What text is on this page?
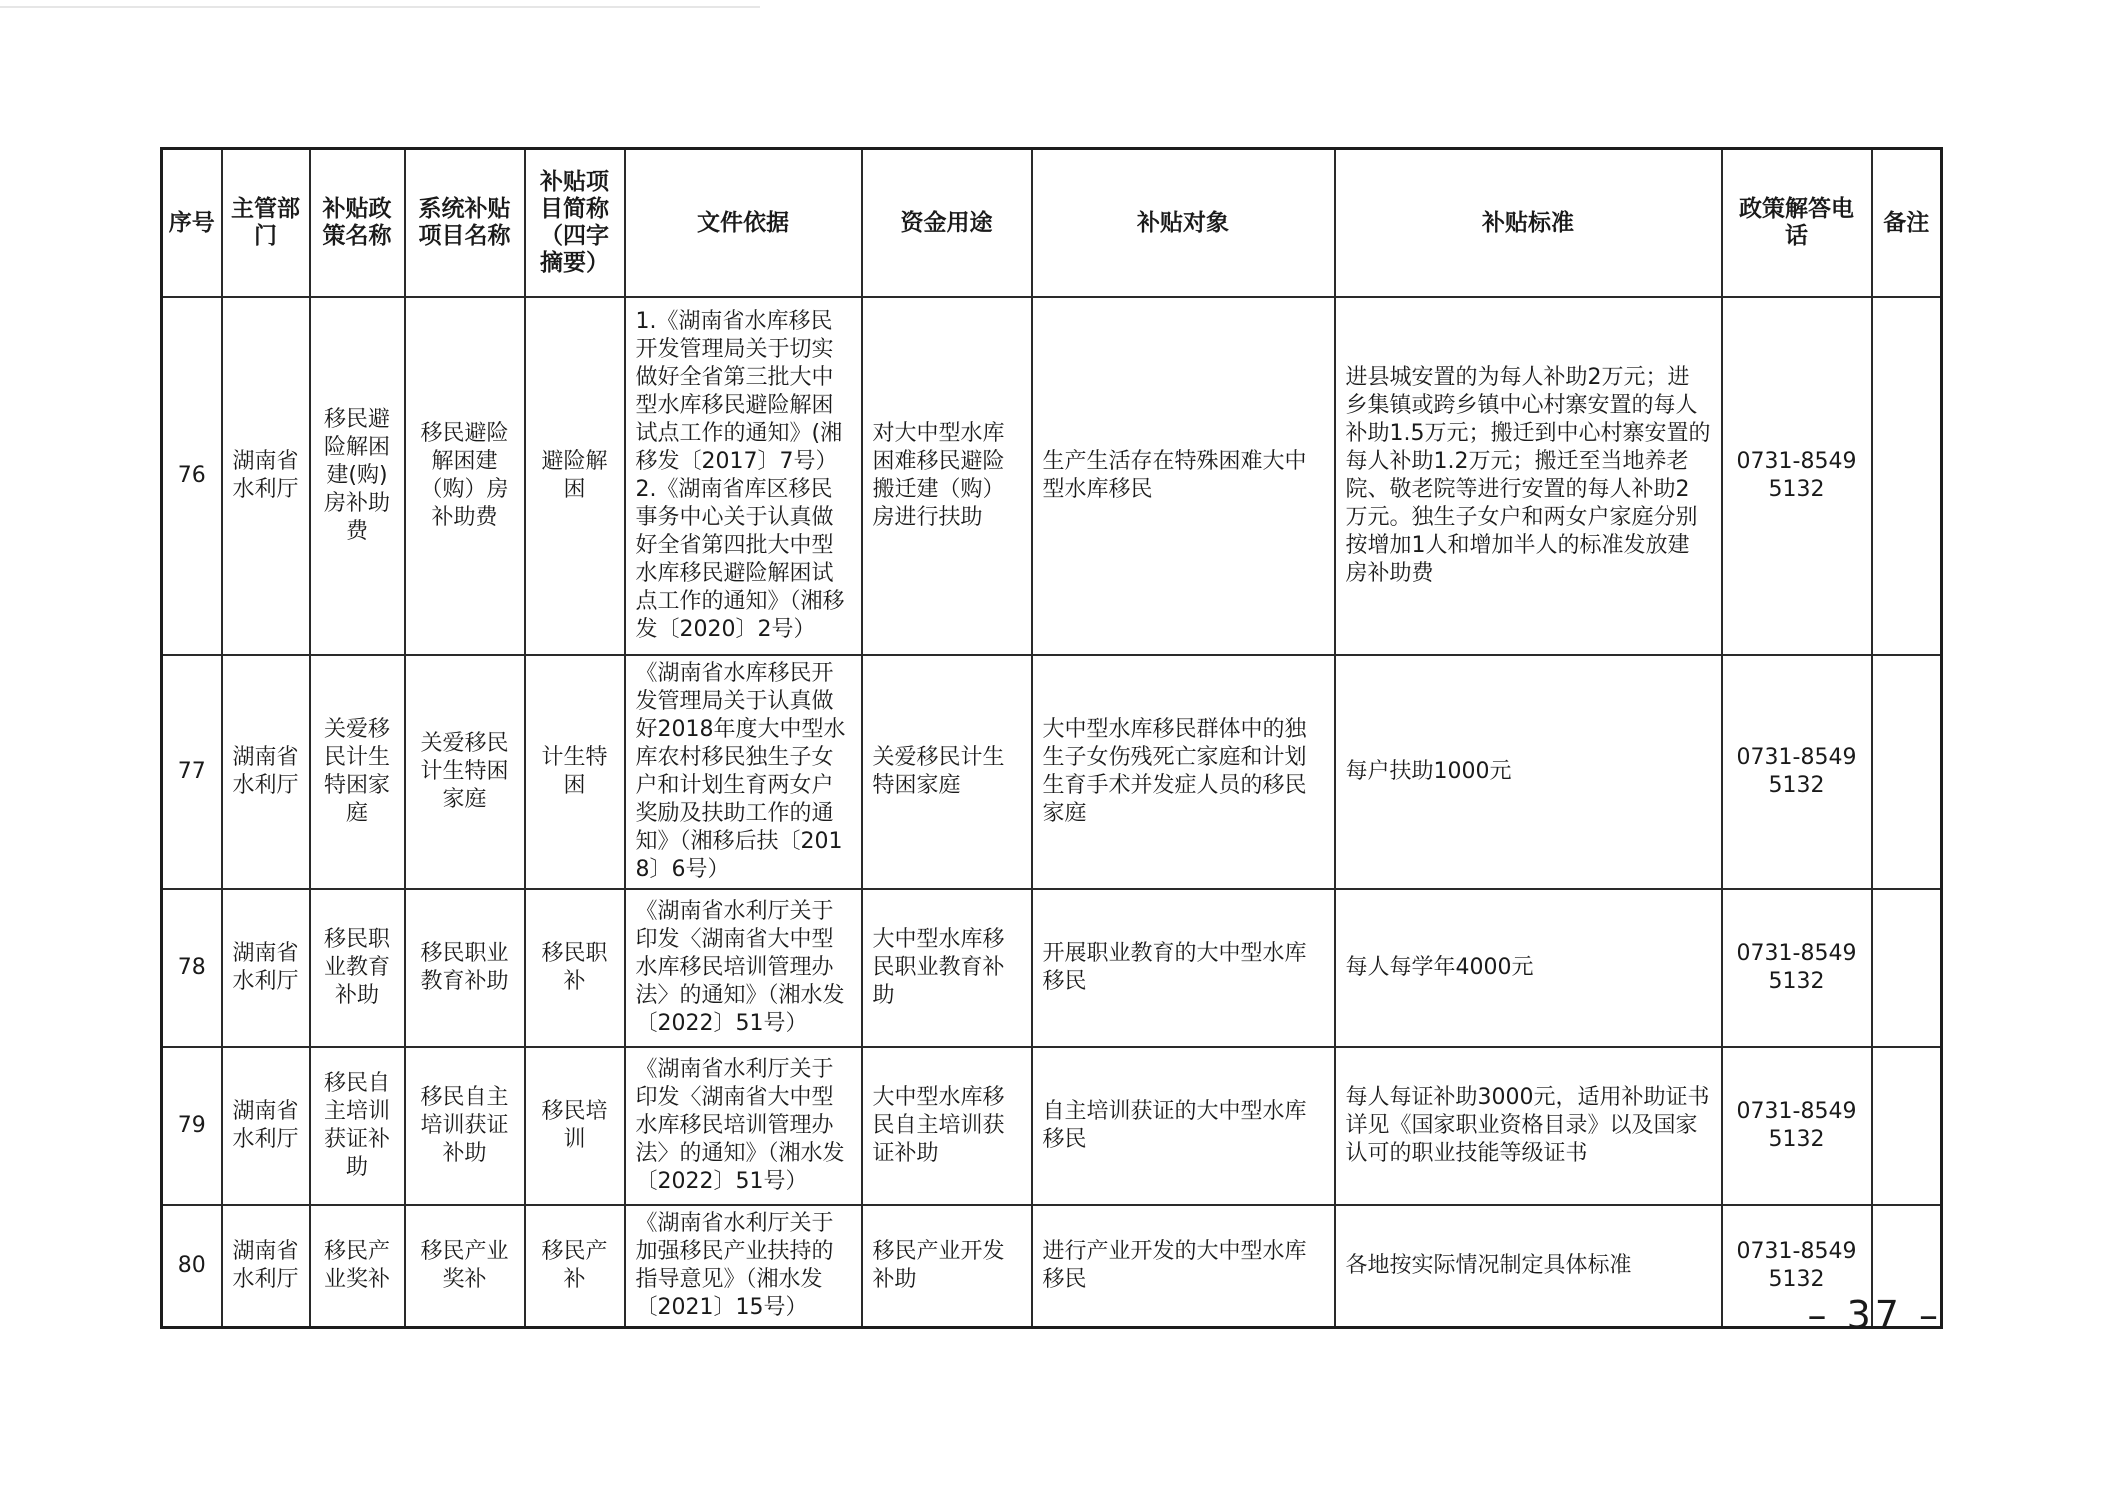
序号	主管部门	补贴政策名称	系统补贴项目名称	补贴项目简称（四字摘要）	文件依据	资金用途	补贴对象	补贴标准	政策解答电话	备注
76	湖南省水利厅	移民避险解困建(购)房补助费	移民避险解困建（购）房补助费	避险解困	1.《湖南省水库移民开发管理局关于切实做好全省第三批大中型水库移民避险解困试点工作的通知》(湘移发〔2017〕7号）2.《湖南省库区移民事务中心关于认真做好全省第四批大中型水库移民避险解困试点工作的通知》（湘移发〔2020〕2号）	对大中型水库困难移民避险搬迁建（购）房进行扶助	生产生活存在特殊困难大中型水库移民	进县城安置的为每人补助2万元；进乡集镇或跨乡镇中心村寨安置的每人补助1.5万元；搬迁到中心村寨安置的每人补助1.2万元；搬迁至当地养老院、敬老院等进行安置的每人补助2万元。独生子女户和两女户家庭分别按增加1人和增加半人的标准发放建房补助费	0731-85495132	
77	湖南省水利厅	关爱移民计生特困家庭	关爱移民计生特困家庭	计生特困	《湖南省水库移民开发管理局关于认真做好2018年度大中型水库农村移民独生子女户和计划生育两女户奖励及扶助工作的通知》（湘移后扶〔2018〕6号）	关爱移民计生特困家庭	大中型水库移民群体中的独生子女伤残死亡家庭和计划生育手术并发症人员的移民家庭	每户扶助1000元	0731-85495132	
78	湖南省水利厅	移民职业教育补助	移民职业教育补助	移民职补	《湖南省水利厅关于印发〈湖南省大中型水库移民培训管理办法〉的通知》（湘水发〔2022〕51号）	大中型水库移民职业教育补助	开展职业教育的大中型水库移民	每人每学年4000元	0731-85495132	
79	湖南省水利厅	移民自主培训获证补助	移民自主培训获证补助	移民培训	《湖南省水利厅关于印发〈湖南省大中型水库移民培训管理办法〉的通知》（湘水发〔2022〕51号）	大中型水库移民自主培训获证补助	自主培训获证的大中型水库移民	每人每证补助3000元，适用补助证书详见《国家职业资格目录》以及国家认可的职业技能等级证书	0731-85495132	
80	湖南省水利厅	移民产业奖补	移民产业奖补	移民产补	《湖南省水利厅关于加强移民产业扶持的指导意见》（湘水发〔2021〕15号）	移民产业开发补助	进行产业开发的大中型水库移民	各地按实际情况制定具体标准	0731-85495132	
– 37 –
